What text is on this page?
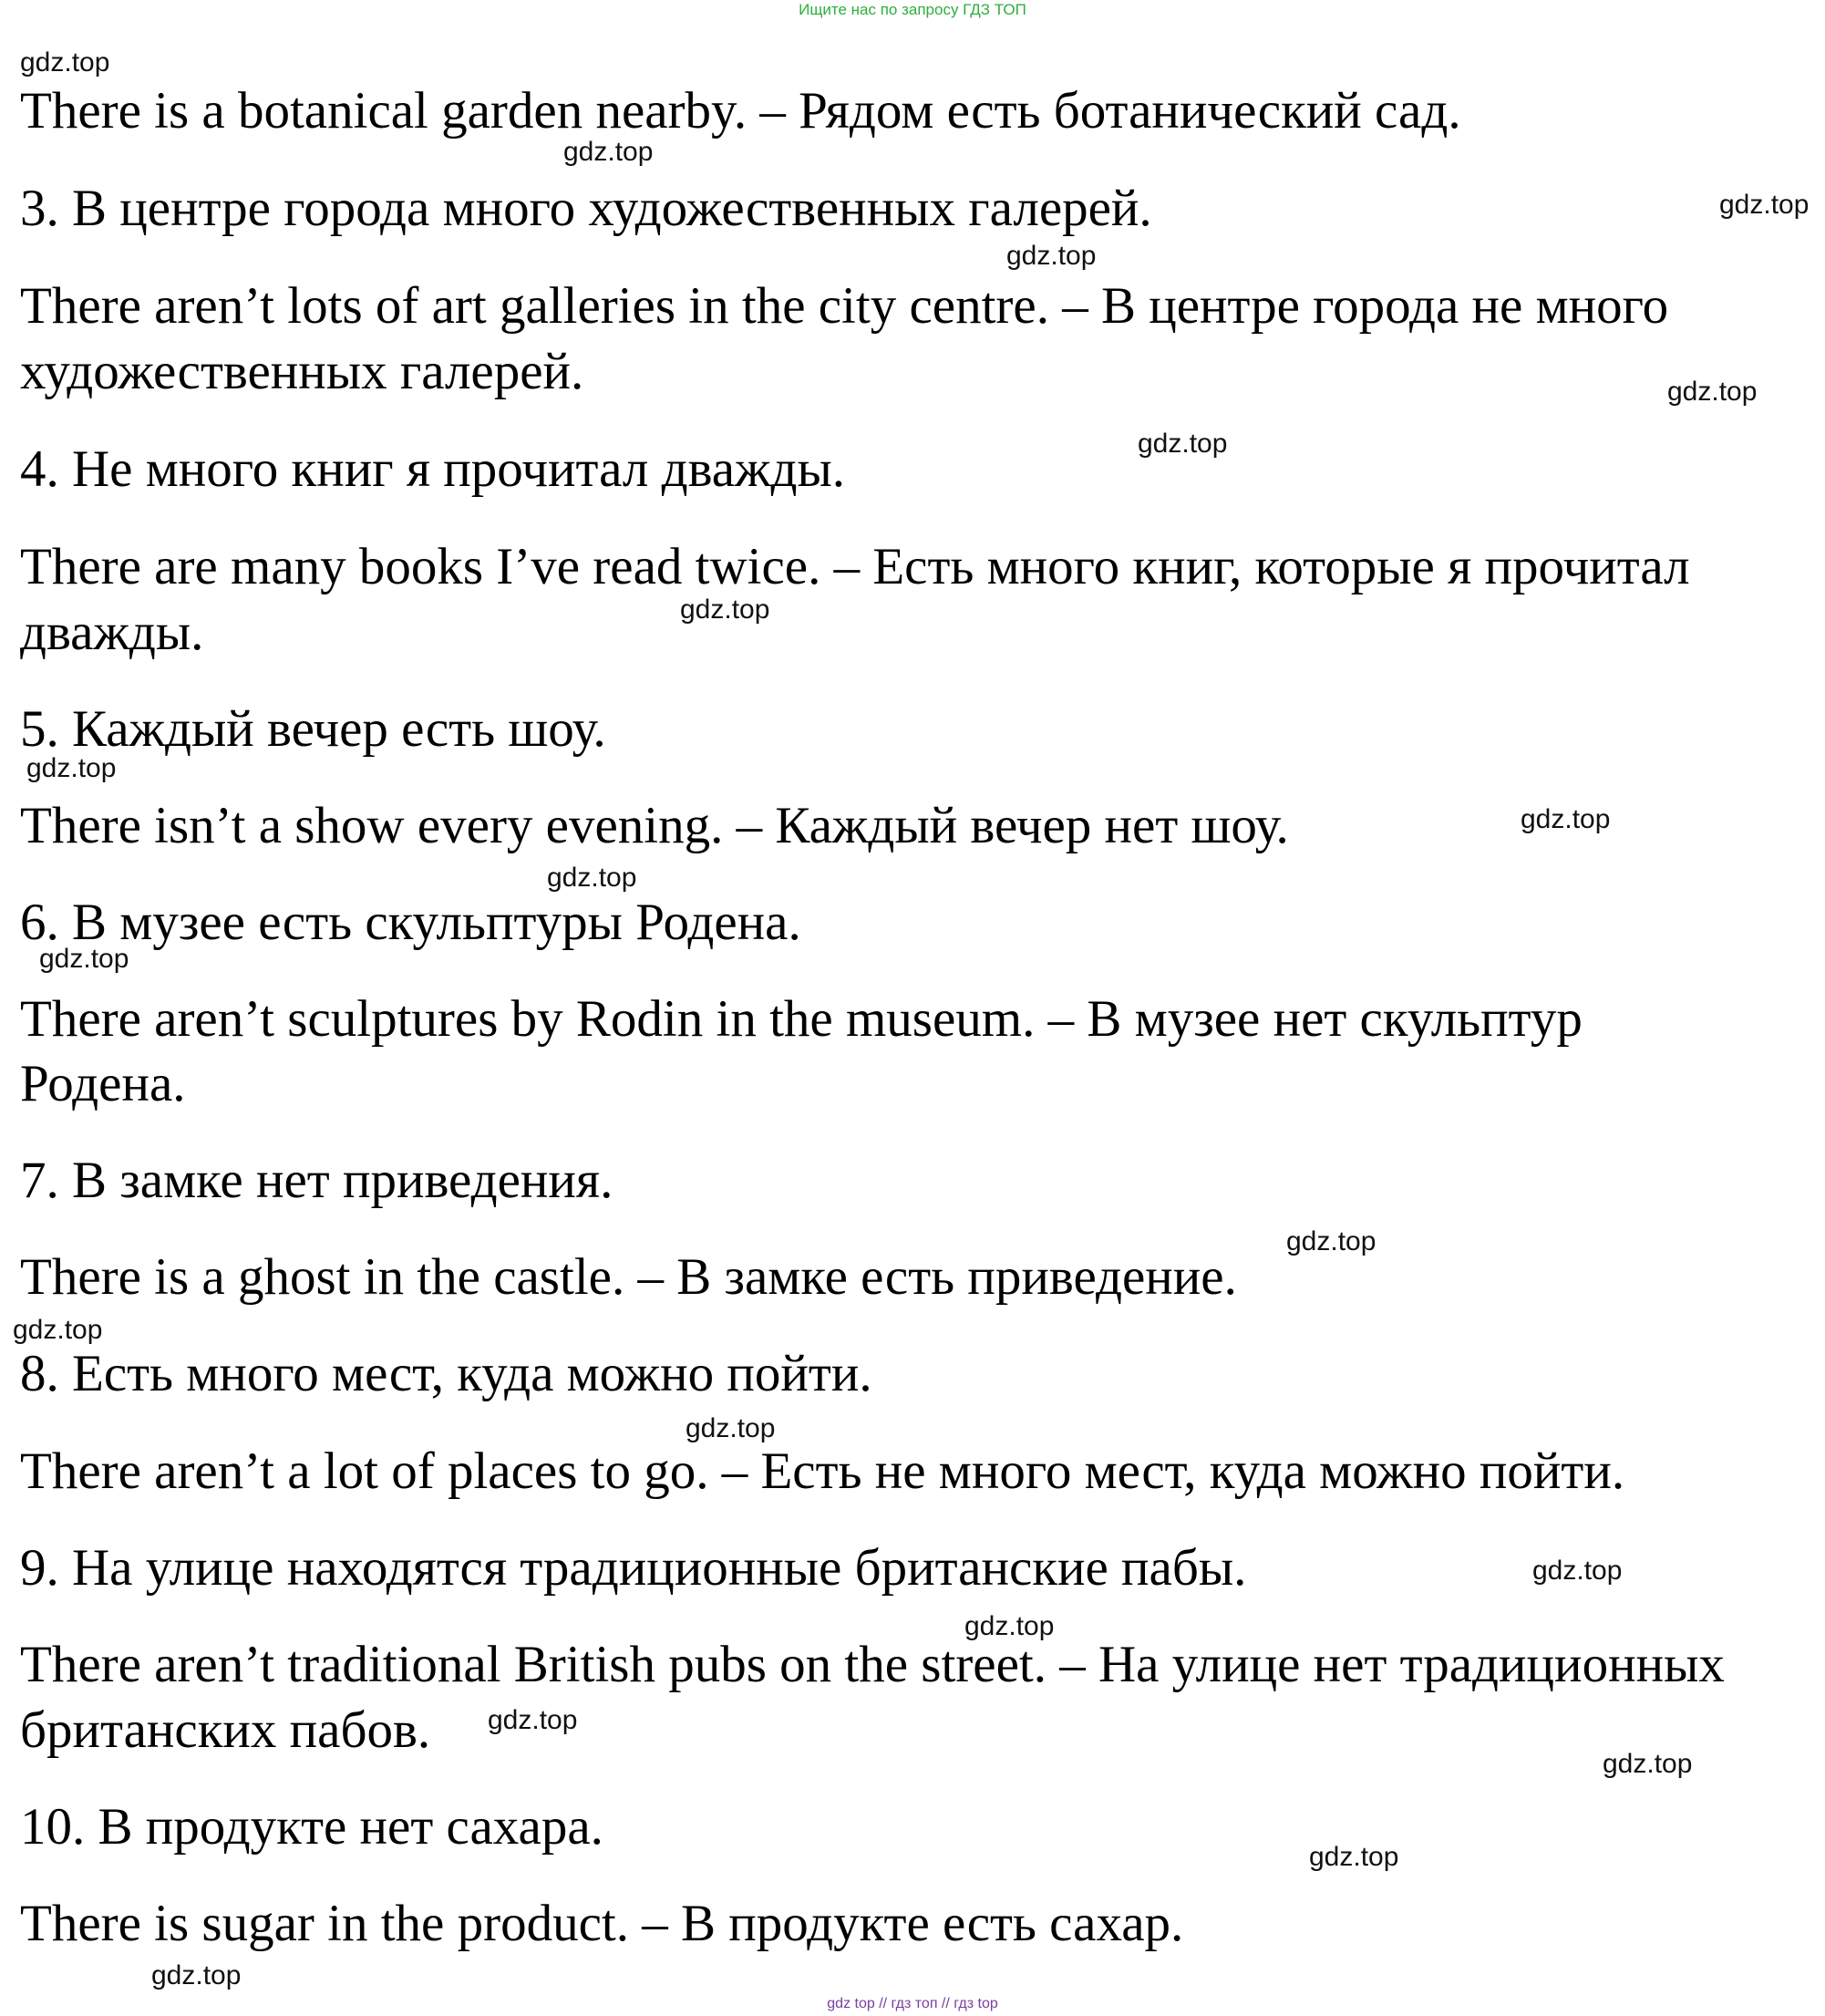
Ищите нас по запросу ГДЗ ТОП
gdz.top
There is a botanical garden nearby. – Рядом есть ботанический сад.
gdz.top
3. В центре города много художественных галерей.	gdz.top
gdz.top
There aren’t lots of art galleries in the city centre. – В центре города не много
художественных галерей.	gdz.top
gdz.top
4. Не много книг я прочитал дважды.
There are many books I’ve read twice. – Есть много книг, которые я прочитал
gdz.top
дважды.
5. Каждый вечер есть шоу.
gdz.top
There isn’t a show every evening. – Каждый вечер нет шоу.	gdz.top
gdz.top
6. В музее есть скульптуры Родена.
gdz.top
There aren’t sculptures by Rodin in the museum. – В музее нет скульптур
Родена.
7. В замке нет приведения.
gdz.top
There is a ghost in the castle. – В замке есть приведение.
gdz.top
8. Есть много мест, куда можно пойти.
gdz.top
There aren’t a lot of places to go. – Есть не много мест, куда можно пойти.
9. На улице находятся традиционные британские пабы.	gdz.top
gdz.top
There aren’t traditional British pubs on the street. – На улице нет традиционных
gdz.top
британских пабов.
gdz.top
10. В продукте нет сахара.
gdz.top
There is sugar in the product. – В продукте есть сахар.
gdz.top
gdz top // гдз топ // гдз top
